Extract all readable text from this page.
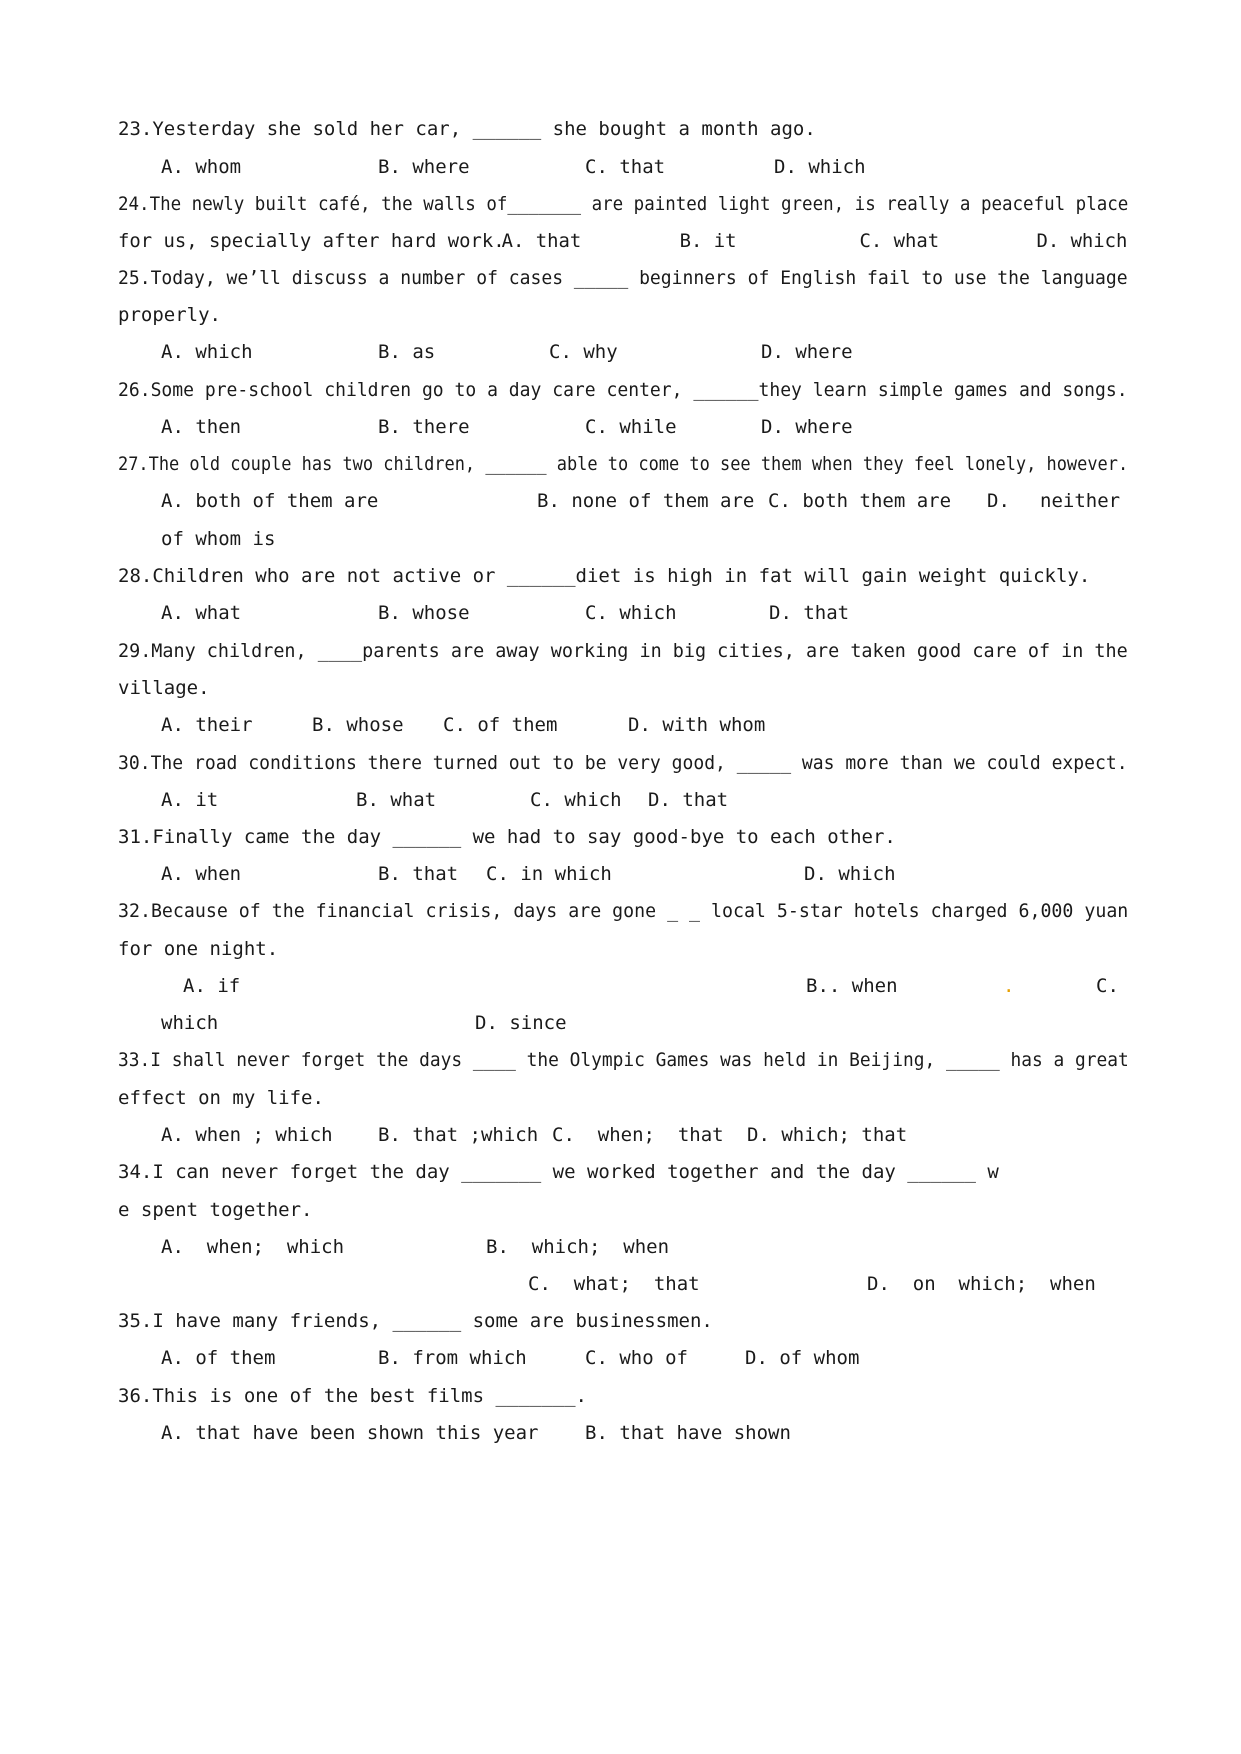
23.Yesterday she sold her car, ______ she bought a month ago.
A. whom	B. where	C. that	D. which
24.The newly built café, the walls of_______ are painted light green, is really a peaceful place
for us, specially after hard work.
A. that	B. it	C. what	D. which
25.Today, we’ll discuss a number of cases _____ beginners of English fail to use the language
properly.
A. which	B. as	C. why	D. where
26.Some pre-school children go to a day care center, ______they learn simple games and songs.
A. then	B. there	C. while	D. where
27.The old couple has two children, ______ able to come to see them when they feel lonely, however.
A. both of them are	B. none of them are C. both them are D. neither
of whom is
28.Children who are not active or ______diet is high in fat will gain weight quickly.
A. what	B. whose	C. which	D. that
29.Many children, ____parents are away working in big cities, are taken good care of in the
village.
A. their	B. whose C. of them	D. with whom
30.The road conditions there turned out to be very good, _____ was more than we could expect.
A. it	B. what	C. which D. that
31.Finally came the day ______ we had to say good-bye to each other.
A. when	B. that C. in which	D. which
32.Because of the financial crisis, days are gone _ _ local 5-star hotels charged 6,000 yuan
for one night.
A. if	B.. when	.	C.
which	D. since
33.I shall never forget the days ____ the Olympic Games was held in Beijing, _____ has a great
effect on my life.
A. when ; which B. that ;which C.  when;  that D. which; that
34.I can never forget the day _______ we worked together and the day ______ w
e spent together.
A.  when;  which	B.  which;  when
C.  what;  that	D.  on  which;  when
35.I have many friends, ______ some are businessmen.
A. of them	B. from which	C. who of	D. of whom
36.This is one of the best films _______.
A. that have been shown this year B. that have shown
